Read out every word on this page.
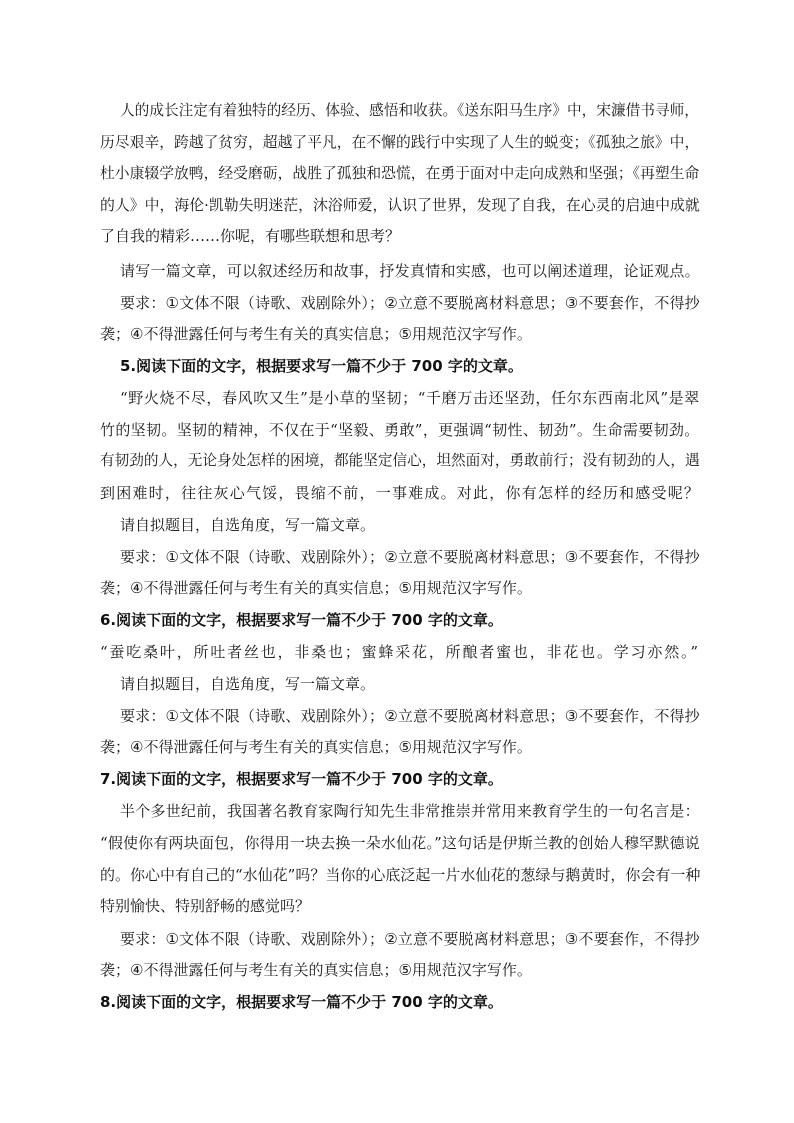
人的成长注定有着独特的经历、体验、感悟和收获。《送东阳马生序》中，宋濂借书寻师，

历尽艰辛，跨越了贫穷，超越了平凡，在不懈的践行中实现了人生的蜕变；《孤独之旅》中，

杜小康辍学放鸭，经受磨砺，战胜了孤独和恐慌，在勇于面对中走向成熟和坚强；《再塑生命

的人》中，海伦·凯勒失明迷茫，沐浴师爱，认识了世界，发现了自我，在心灵的启迪中成就

了自我的精彩……你呢，有哪些联想和思考？

请写一篇文章，可以叙述经历和故事，抒发真情和实感，也可以阐述道理，论证观点。

要求：①文体不限（诗歌、戏剧除外）；②立意不要脱离材料意思；③不要套作，不得抄

袭；④不得泄露任何与考生有关的真实信息；⑤用规范汉字写作。

5.阅读下面的文字，根据要求写一篇不少于 700 字的文章。

“野火烧不尽，春风吹又生”是小草的坚韧；“千磨万击还坚劲，任尔东西南北风”是翠

竹的坚韧。坚韧的精神，不仅在于“坚毅、勇敢”，更强调“韧性、韧劲”。生命需要韧劲。

有韧劲的人，无论身处怎样的困境，都能坚定信心，坦然面对，勇敢前行；没有韧劲的人，遇

到困难时，往往灰心气馁，畏缩不前，一事难成。对此，你有怎样的经历和感受呢？

请自拟题目，自选角度，写一篇文章。

要求：①文体不限（诗歌、戏剧除外）；②立意不要脱离材料意思；③不要套作，不得抄

袭；④不得泄露任何与考生有关的真实信息；⑤用规范汉字写作。

6.阅读下面的文字，根据要求写一篇不少于 700 字的文章。

“蚕吃桑叶，所吐者丝也，非桑也；蜜蜂采花，所酿者蜜也，非花也。学习亦然。”

请自拟题目，自选角度，写一篇文章。

要求：①文体不限（诗歌、戏剧除外）；②立意不要脱离材料意思；③不要套作，不得抄

袭；④不得泄露任何与考生有关的真实信息；⑤用规范汉字写作。

7.阅读下面的文字，根据要求写一篇不少于 700 字的文章。

半个多世纪前，我国著名教育家陶行知先生非常推崇并常用来教育学生的一句名言是：

“假使你有两块面包，你得用一块去换一朵水仙花。”这句话是伊斯兰教的创始人穆罕默德说

的。你心中有自己的“水仙花”吗？当你的心底泛起一片水仙花的葱绿与鹅黄时，你会有一种

特别愉快、特别舒畅的感觉吗？

要求：①文体不限（诗歌、戏剧除外）；②立意不要脱离材料意思；③不要套作，不得抄

袭；④不得泄露任何与考生有关的真实信息；⑤用规范汉字写作。

8.阅读下面的文字，根据要求写一篇不少于 700 字的文章。
